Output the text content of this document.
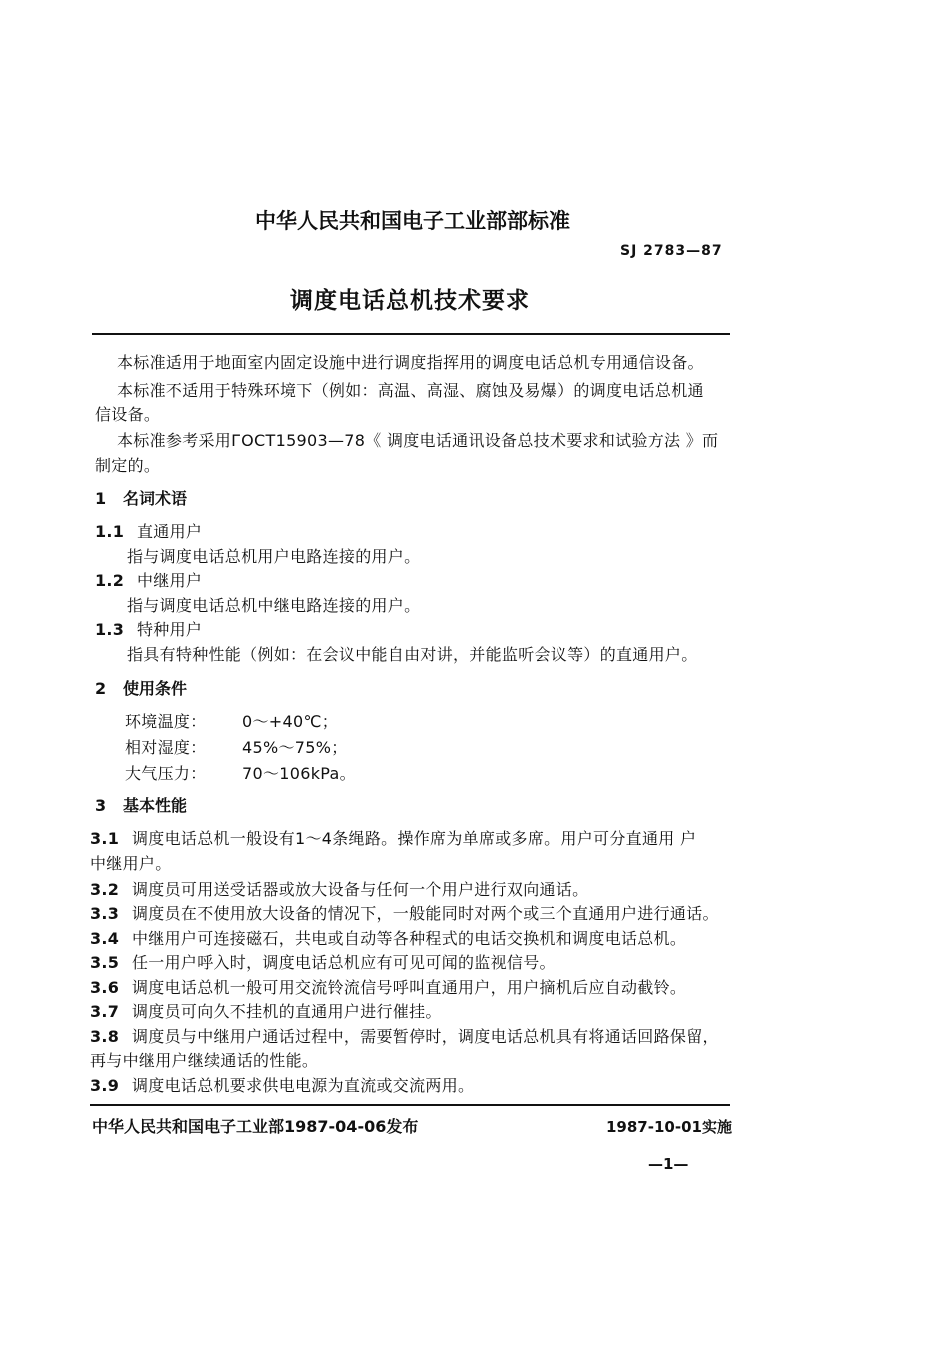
中华人民共和国电子工业部部标准
SJ 2783—87
调度电话总机技术要求
本标准适用于地面室内固定设施中进行调度指挥用的调度电话总机专用通信设备。
本标准不适用于特殊环境下（例如：高温、高湿、腐蚀及易爆）的调度电话总机通
信设备。
本标准参考采用ГОСТ15903—78《 调度电话通讯设备总技术要求和试验方法 》而
制定的。
1 名词术语
1.1 直通用户
指与调度电话总机用户电路连接的用户。
1.2 中继用户
指与调度电话总机中继电路连接的用户。
1.3 特种用户
指具有特种性能（例如：在会议中能自由对讲，并能监听会议等）的直通用户。
2 使用条件
环境温度： 0～+40℃；
相对湿度： 45%～75%；
大气压力： 70～106kPa。
3 基本性能
3.1 调度电话总机一般设有1～4条绳路。操作席为单席或多席。用户可分直通用 户
中继用户。
3.2 调度员可用送受话器或放大设备与任何一个用户进行双向通话。
3.3 调度员在不使用放大设备的情况下，一般能同时对两个或三个直通用户进行通话。
3.4 中继用户可连接磁石，共电或自动等各种程式的电话交换机和调度电话总机。
3.5 任一用户呼入时，调度电话总机应有可见可闻的监视信号。
3.6 调度电话总机一般可用交流铃流信号呼叫直通用户，用户摘机后应自动截铃。
3.7 调度员可向久不挂机的直通用户进行催挂。
3.8 调度员与中继用户通话过程中，需要暂停时，调度电话总机具有将通话回路保留，
再与中继用户继续通话的性能。
3.9 调度电话总机要求供电电源为直流或交流两用。
中华人民共和国电子工业部1987-04-06发布	1987-10-01实施
—1—
